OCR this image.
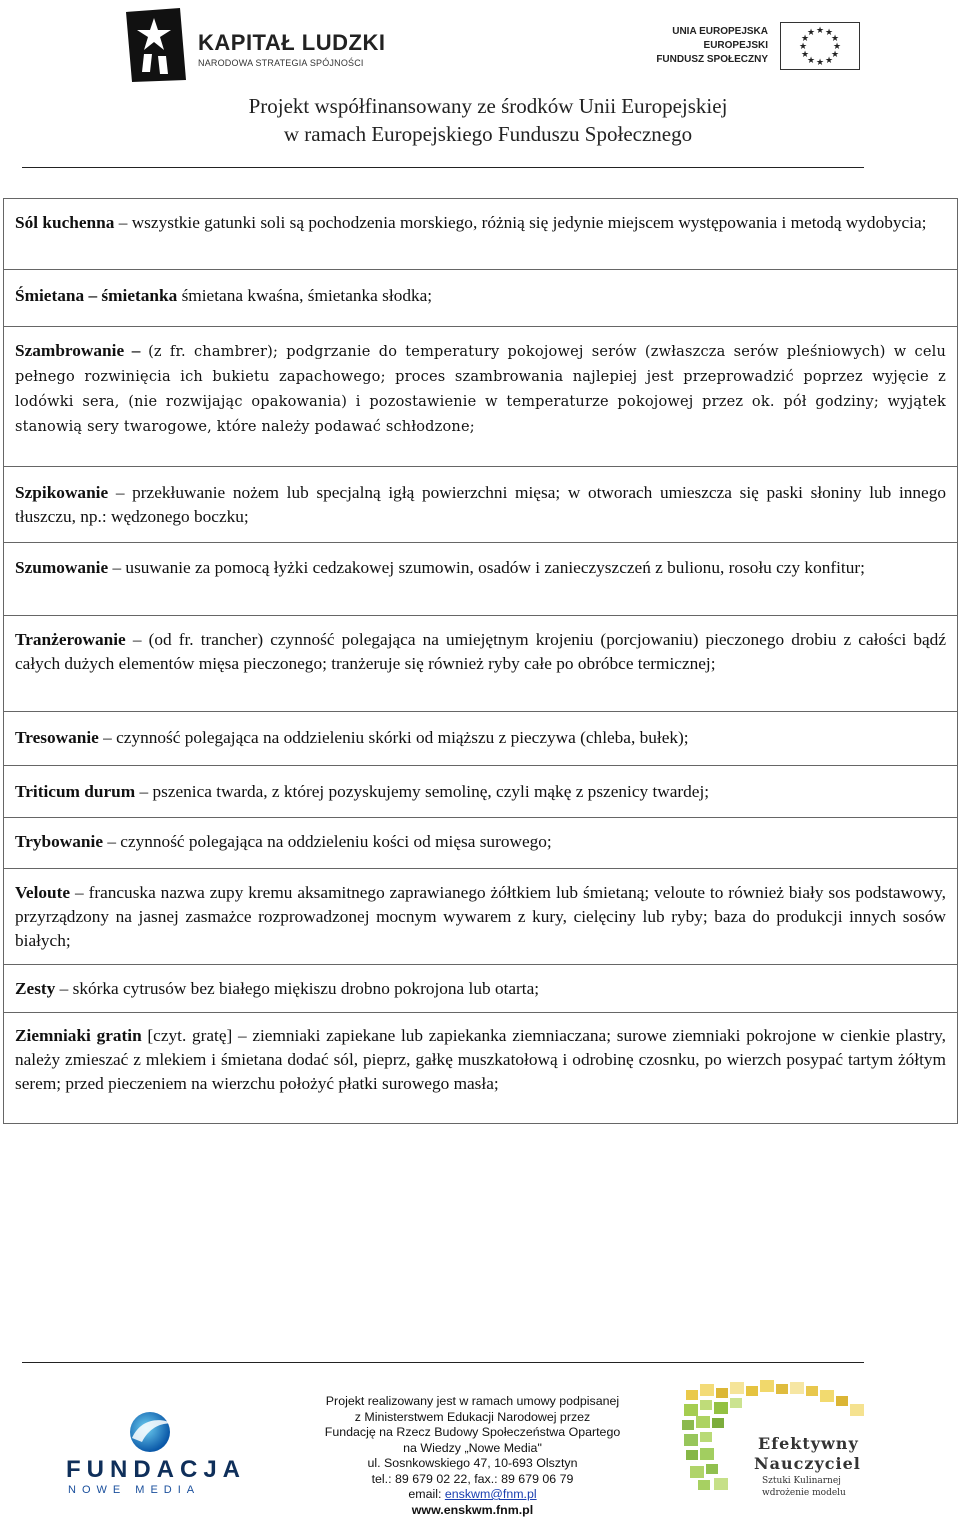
KAPITAŁ LUDZKI
NARODOWA STRATEGIA SPÓJNOŚCI
UNIA EUROPEJSKA
EUROPEJSKI
FUNDUSZ SPOŁECZNY
★ ★
★
★
★
★
★
★
★
★
★
★
Projekt współfinansowany ze środków Unii Europejskiej
w ramach Europejskiego Funduszu Społecznego
Sól kuchenna – wszystkie gatunki soli są pochodzenia morskiego, różnią się jedynie miejscem występowania i metodą wydobycia;
Śmietana – śmietanka śmietana kwaśna, śmietanka słodka;
Szambrowanie – (z fr. chambrer); podgrzanie do temperatury pokojowej serów (zwłaszcza serów pleśniowych) w celu pełnego rozwinięcia ich bukietu zapachowego; proces szambrowania najlepiej jest przeprowadzić poprzez wyjęcie z lodówki sera, (nie rozwijając opakowania) i pozostawienie w temperaturze pokojowej przez ok. pół godziny; wyjątek stanowią sery twarogowe, które należy podawać schłodzone;
Szpikowanie – przekłuwanie nożem lub specjalną igłą powierzchni mięsa; w otworach umieszcza się paski słoniny lub innego tłuszczu, np.: wędzonego boczku;
Szumowanie – usuwanie za pomocą łyżki cedzakowej szumowin, osadów i zanieczyszczeń z bulionu, rosołu czy konfitur;
Tranżerowanie – (od fr. trancher) czynność polegająca na umiejętnym krojeniu (porcjowaniu) pieczonego drobiu z całości bądź całych dużych elementów mięsa pieczonego; tranżeruje się również ryby całe po obróbce termicznej;
Tresowanie – czynność polegająca na oddzieleniu skórki od miąższu z pieczywa (chleba, bułek);
Triticum durum – pszenica twarda, z której pozyskujemy semolinę, czyli mąkę z pszenicy twardej;
Trybowanie – czynność polegająca na oddzieleniu kości od mięsa surowego;
Veloute – francuska nazwa zupy kremu aksamitnego zaprawianego żółtkiem lub śmietaną; veloute to również biały sos podstawowy, przyrządzony na jasnej zasmażce rozprowadzonej mocnym wywarem z kury, cielęciny lub ryby; baza do produkcji innych sosów białych;
Zesty – skórka cytrusów bez białego miękiszu drobno pokrojona lub otarta;
Ziemniaki gratin [czyt. gratę] – ziemniaki zapiekane lub zapiekanka ziemniaczana; surowe ziemniaki pokrojone w cienkie plastry, należy zmieszać z mlekiem i śmietana dodać sól, pieprz, gałkę muszkatołową i odrobinę czosnku, po wierzch posypać tartym żółtym serem; przed pieczeniem na wierzchu położyć płatki surowego masła;
FUNDACJA
NOWE MEDIA
Projekt realizowany jest w ramach umowy podpisanej
z Ministerstwem Edukacji Narodowej przez
Fundację na Rzecz Budowy Społeczeństwa Opartego
na Wiedzy „Nowe Media"
ul. Sosnkowskiego 47, 10-693 Olsztyn
tel.: 89 679 02 22, fax.: 89 679 06 79
email: enskwm@fnm.pl
www.enskwm.fnm.pl
Efektywny
Nauczyciel
Sztuki Kulinarnej
wdrożenie modelu
